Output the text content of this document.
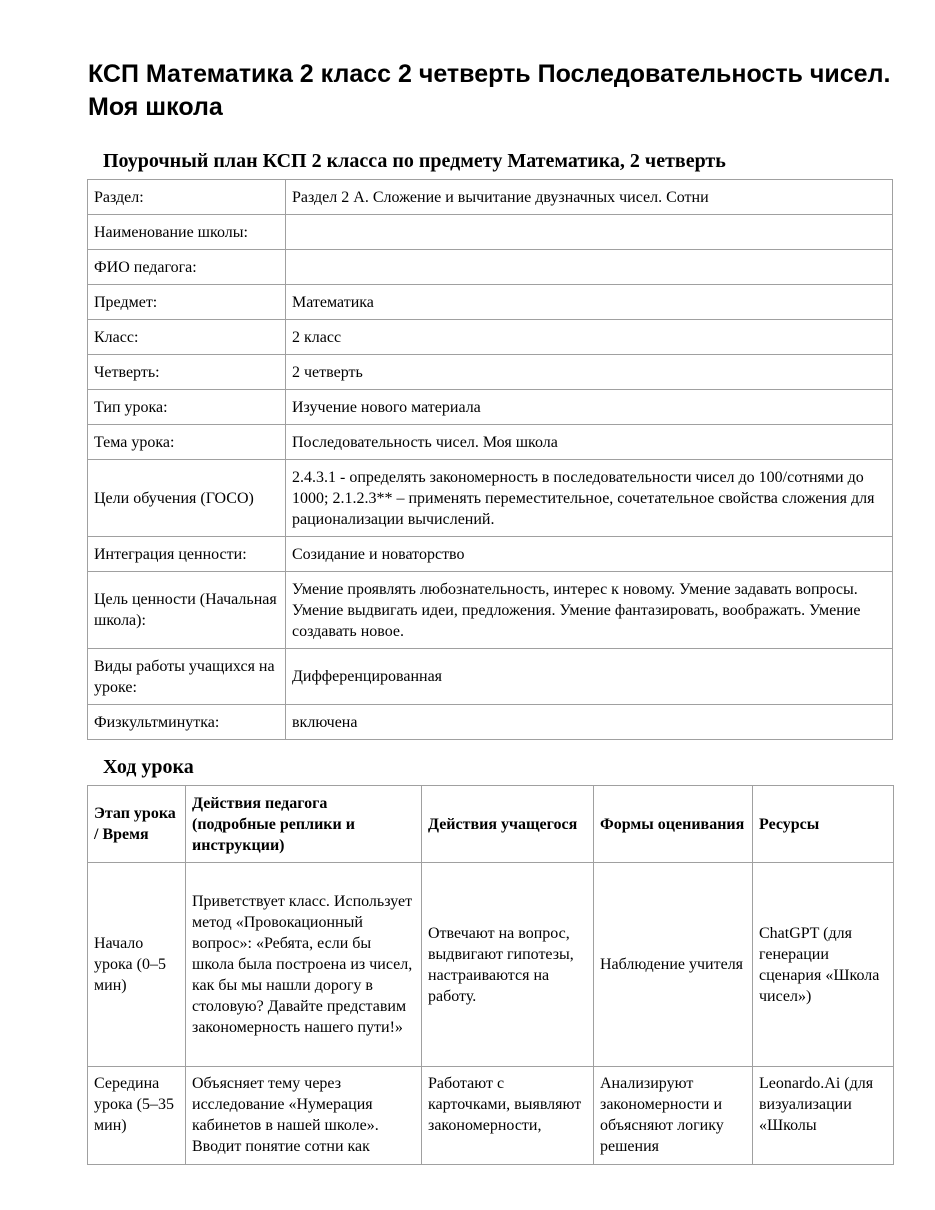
КСП Математика 2 класс 2 четверть Последовательность чисел. Моя школа
Поурочный план КСП 2 класса по предмету Математика, 2 четверть
Раздел:	Раздел 2 А. Сложение и вычитание двузначных чисел. Сотни
Наименование школы:	
ФИО педагога:	
Предмет:	Математика
Класс:	2 класс
Четверть:	2 четверть
Тип урока:	Изучение нового материала
Тема урока:	Последовательность чисел. Моя школа
Цели обучения (ГОСО)	2.4.3.1 - определять закономерность в последовательности чисел до 100/сотнями до 1000; 2.1.2.3** – применять переместительное, сочетательное свойства сложения для рационализации вычислений.
Интеграция ценности:	Созидание и новаторство
Цель ценности (Начальная школа):	Умение проявлять любознательность, интерес к новому. Умение задавать вопросы. Умение выдвигать идеи, предложения. Умение фантазировать, воображать. Умение создавать новое.
Виды работы учащихся на уроке:	Дифференцированная
Физкультминутка:	включена
Ход урока
Этап урока / Время	Действия педагога (подробные реплики и инструкции)	Действия учащегося	Формы оценивания	Ресурсы
Начало урока (0–5 мин)	Приветствует класс. Использует метод «Провокационный вопрос»: «Ребята, если бы школа была построена из чисел, как бы мы нашли дорогу в столовую? Давайте представим закономерность нашего пути!»	Отвечают на вопрос, выдвигают гипотезы, настраиваются на работу.	Наблюдение учителя	ChatGPT (для генерации сценария «Школа чисел»)
Середина урока (5–35 мин)	Объясняет тему через исследование «Нумерация кабинетов в нашей школе». Вводит понятие сотни как	Работают с карточками, выявляют закономерности,	Анализируют закономерности и объясняют логику решения	Leonardo.Ai (для визуализации «Школы
